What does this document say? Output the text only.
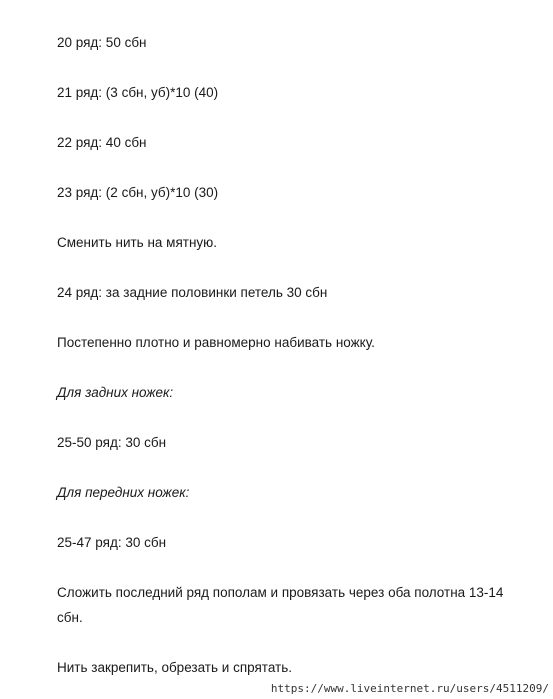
20 ряд: 50 сбн
21 ряд: (3 сбн, уб)*10 (40)
22 ряд: 40 сбн
23 ряд: (2 сбн, уб)*10 (30)
Сменить нить на мятную.
24 ряд: за задние половинки петель 30 сбн
Постепенно плотно и равномерно набивать ножку.
Для задних ножек:
25-50 ряд: 30 сбн
Для передних ножек:
25-47 ряд: 30 сбн
Сложить последний ряд пополам и провязать через оба полотна 13-14
сбн.
Нить закрепить, обрезать и спрятать.
https://www.liveinternet.ru/users/4511209/
